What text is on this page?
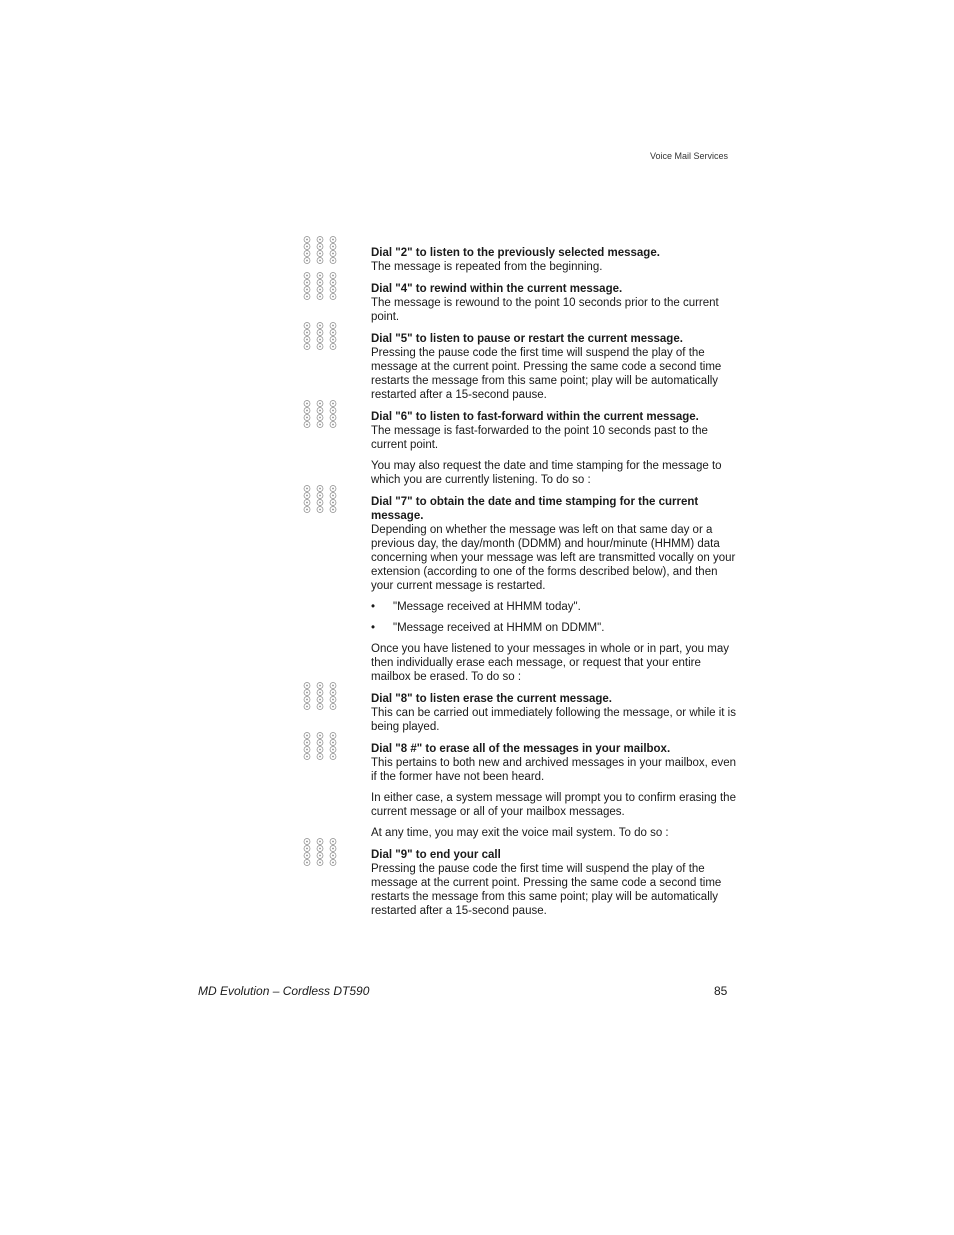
Voice Mail Services

Dial "2" to listen to the previously selected message.

The message is repeated from the beginning.

Dial "4" to rewind within the current message.

The message is rewound to the point 10 seconds prior to the current point.

Dial "5" to listen to pause or restart the current message.

Pressing the pause code the first time will suspend the play of the message at the current point. Pressing the same code a second time restarts the message from this same point; play will be automatically restarted after a 15-second pause.

Dial "6" to listen to fast-forward within the current message.

The message is fast-forwarded to the point 10 seconds past to the current point.

You may also request the date and time stamping for the message to which you are currently listening. To do so :

Dial "7" to obtain the date and time stamping for the current message.

Depending on whether the message was left on that same day or a previous day, the day/month (DDMM) and hour/minute (HHMM) data concerning when your message was left are transmitted vocally on your extension (according to one of the forms described below), and then your current message is restarted.

• "Message received at HHMM today".

• "Message received at HHMM on DDMM".

Once you have listened to your messages in whole or in part, you may then individually erase each message, or request that your entire mailbox be erased. To do so :

Dial "8" to listen erase the current message.

This can be carried out immediately following the message, or while it is being played.

Dial "8 #" to erase all of the messages in your mailbox.

This pertains to both new and archived messages in your mailbox, even if the former have not been heard.

In either case, a system message will prompt you to confirm erasing the current message or all of your mailbox messages.

At any time, you may exit the voice mail system. To do so :

Dial "9" to end your call

Pressing the pause code the first time will suspend the play of the message at the current point. Pressing the same code a second time restarts the message from this same point; play will be automatically restarted after a 15-second pause.

MD Evolution – Cordless DT590	85
